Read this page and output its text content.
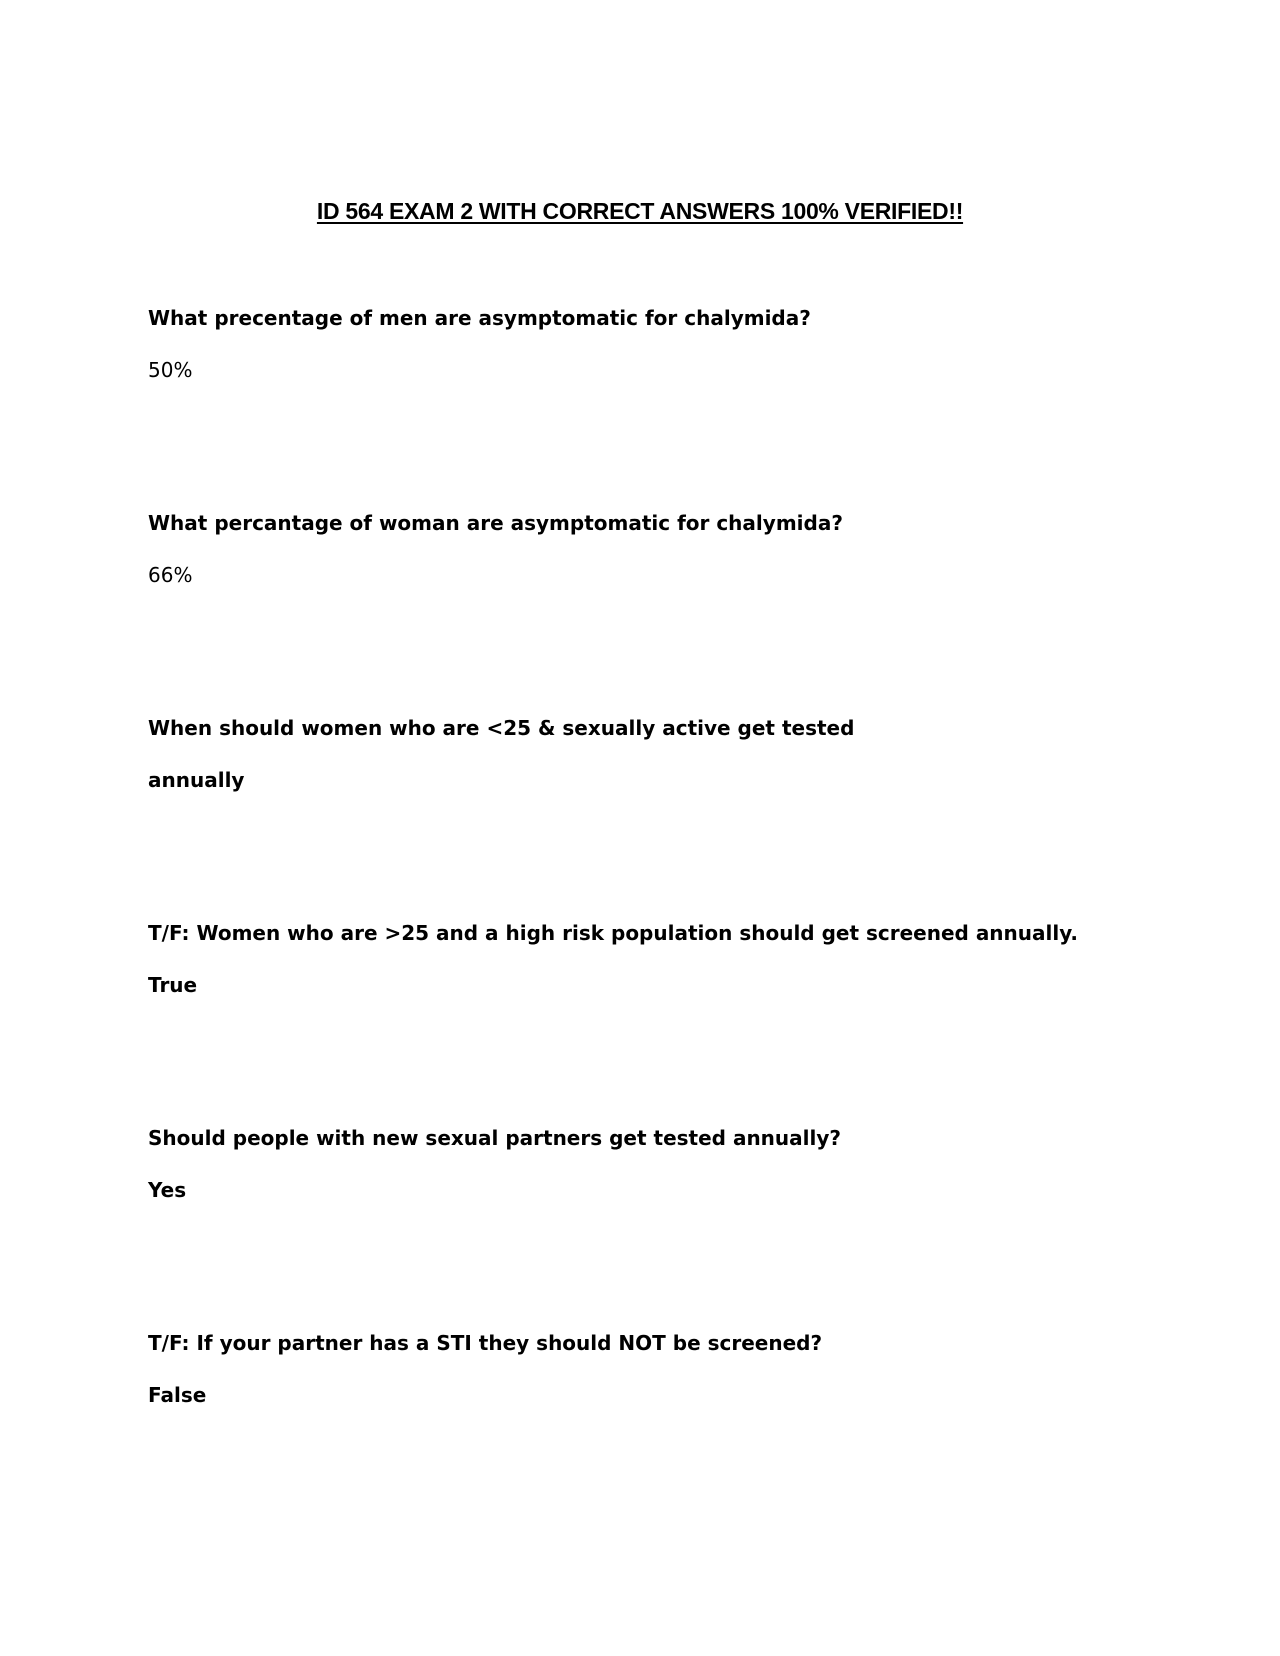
ID 564 EXAM 2 WITH CORRECT ANSWERS 100% VERIFIED!!

What precentage of men are asymptomatic for chalymida?

50%

What percantage of woman are asymptomatic for chalymida?

66%

When should women who are <25 & sexually active get tested

annually

T/F: Women who are >25 and a high risk population should get screened annually.

True

Should people with new sexual partners get tested annually?

Yes

T/F: If your partner has a STI they should NOT be screened?

False
